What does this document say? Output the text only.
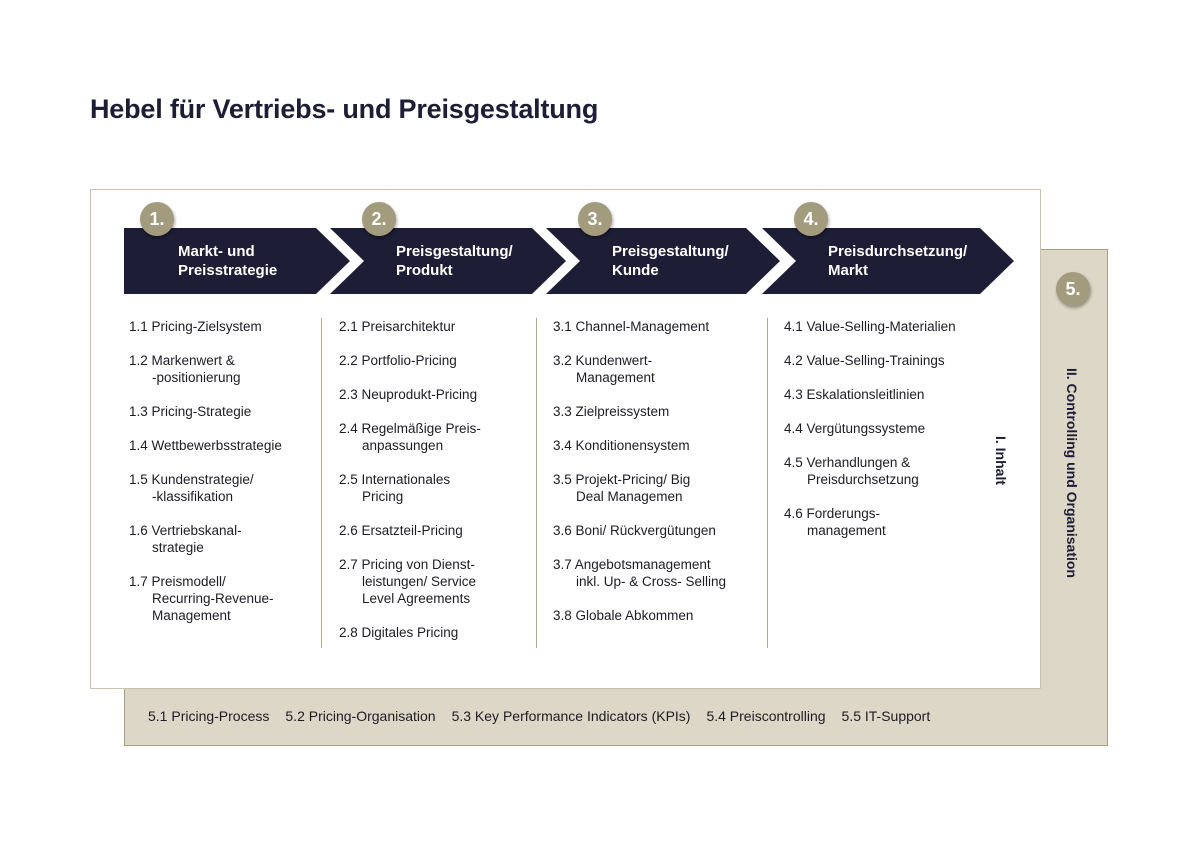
Hebel für Vertriebs- und Preisgestaltung
1.	2.	3.	4.
5.
Markt- und
Preisstrategie
Preisgestaltung/
Produkt
Preisgestaltung/
Kunde
Preisdurchsetzung/
Markt
1.1 Pricing-Zielsystem
1.2 Markenwert &
-positionierung
1.3 Pricing-Strategie
1.4 Wettbewerbsstrategie
1.5 Kundenstrategie/
-klassifikation
1.6 Vertriebskanal-
strategie
1.7 Preismodell/
Recurring-Revenue-
Management
2.1 Preisarchitektur
2.2 Portfolio-Pricing
2.3 Neuprodukt-Pricing
2.4 Regelmäßige Preis-
anpassungen
2.5 Internationales
Pricing
2.6 Ersatzteil-Pricing
2.7 Pricing von Dienst-
leistungen/ Service
Level Agreements
2.8 Digitales Pricing
3.1 Channel-Management
3.2 Kundenwert-
Management
3.3 Zielpreissystem
3.4 Konditionensystem
3.5 Projekt-Pricing/ Big
Deal Managemen
3.6 Boni/ Rückvergütungen
3.7 Angebotsmanagement
inkl. Up- & Cross- Selling
3.8 Globale Abkommen
4.1 Value-Selling-Materialien
4.2 Value-Selling-Trainings
4.3 Eskalationsleitlinien
4.4 Vergütungssysteme
4.5 Verhandlungen &
Preisdurchsetzung
4.6 Forderungs-
management
I. Inhalt	II. Controlling und Organisation
5.1 Pricing-Process 5.2 Pricing-Organisation 5.3 Key Performance Indicators (KPIs) 5.4 Preiscontrolling 5.5 IT-Support
